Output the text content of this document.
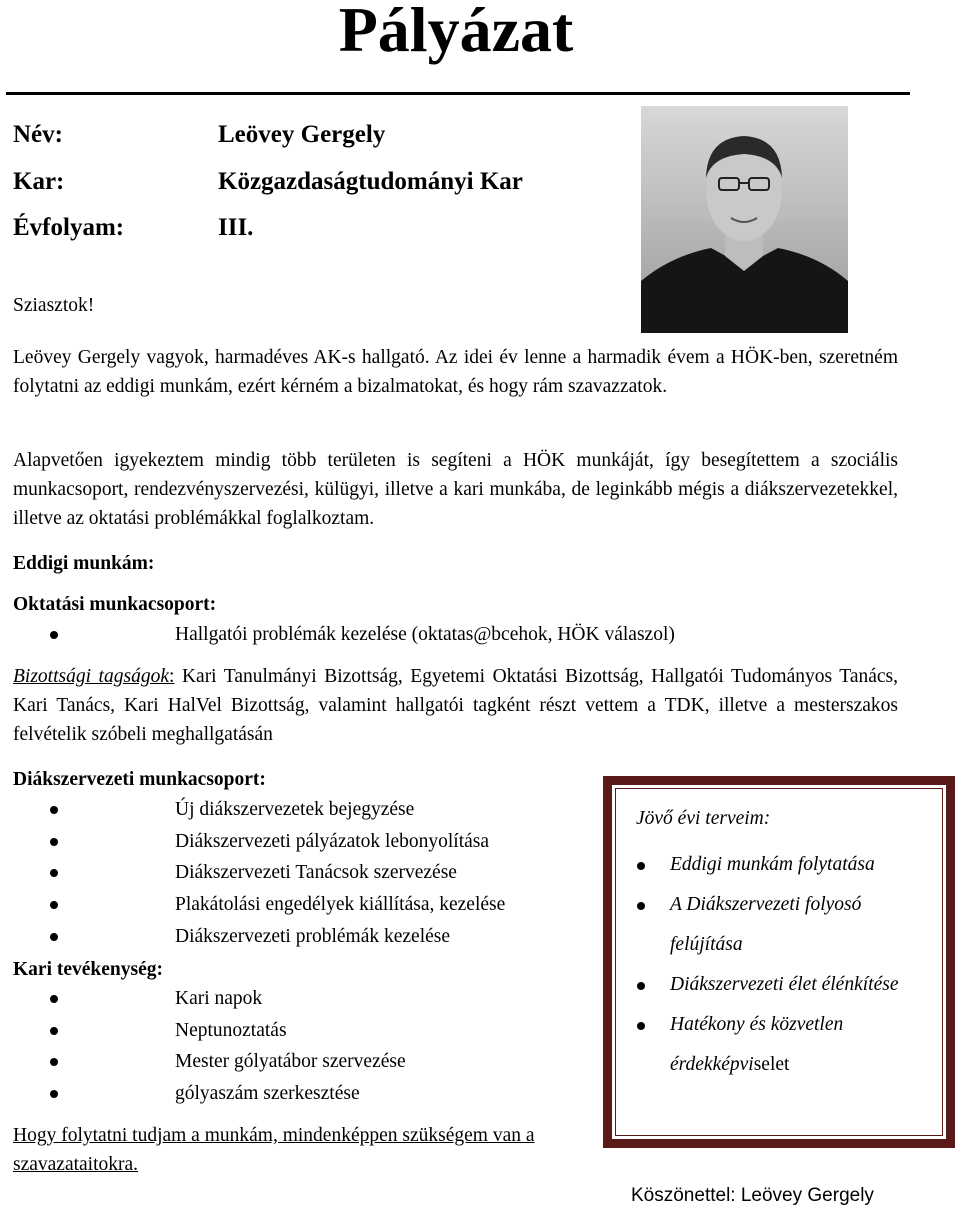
Pályázat
Név:	Leövey Gergely
Kar:	Közgazdaságtudományi Kar
Évfolyam:	III.
Sziasztok!
Leövey Gergely vagyok, harmadéves AK-s hallgató. Az idei év lenne a harmadik évem a HÖK-ben, szeretném folytatni az eddigi munkám, ezért kérném a bizalmatokat, és hogy rám szavazzatok.
Alapvetően igyekeztem mindig több területen is segíteni a HÖK munkáját, így besegítettem a szociális munkacsoport, rendezvényszervezési, külügyi, illetve a kari munkába, de leginkább mégis a diákszervezetekkel, illetve az oktatási problémákkal foglalkoztam.
Eddigi munkám:
Oktatási munkacsoport:
Hallgatói problémák kezelése (oktatas@bcehok, HÖK válaszol)
Bizottsági tagságok: Kari Tanulmányi Bizottság, Egyetemi Oktatási Bizottság, Hallgatói Tudományos Tanács, Kari Tanács, Kari HalVel Bizottság, valamint hallgatói tagként részt vettem a TDK, illetve a mesterszakos felvételik szóbeli meghallgatásán
Diákszervezeti munkacsoport:
Új diákszervezetek bejegyzése
Diákszervezeti pályázatok lebonyolítása
Diákszervezeti Tanácsok szervezése
Plakátolási engedélyek kiállítása, kezelése
Diákszervezeti problémák kezelése
Kari tevékenység:
Kari napok
Neptunoztatás
Mester gólyatábor szervezése
gólyaszám szerkesztése
Hogy folytatni tudjam a munkám, mindenképpen szükségem van a szavazataitokra.
Jövő évi terveim:
Eddigi munkám folytatása
A Diákszervezeti folyosó felújítása
Diákszervezeti élet élénkítése
Hatékony és közvetlen érdekképviselet
Köszönettel: Leövey Gergely
